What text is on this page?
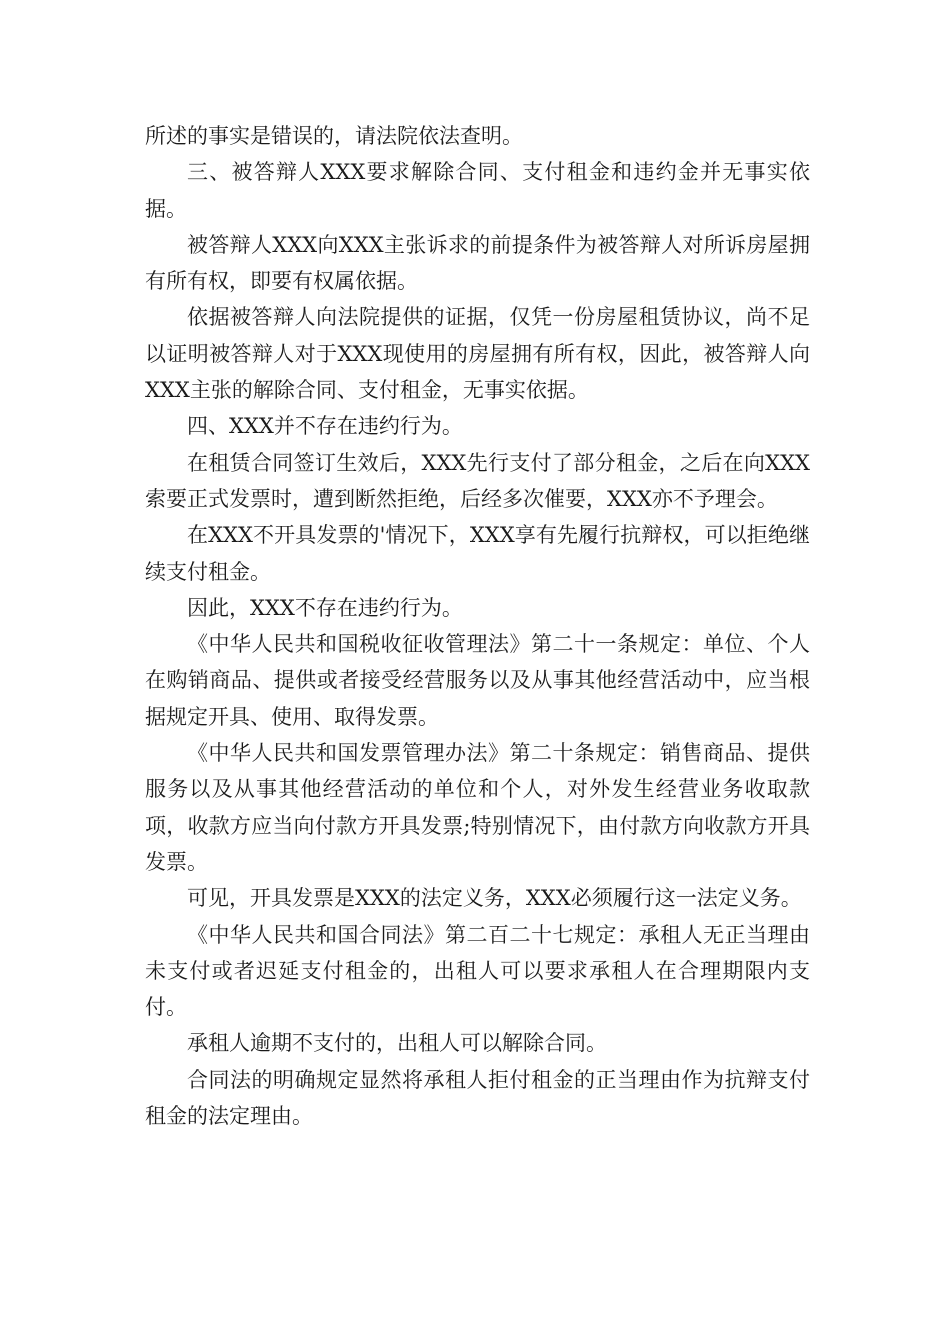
所述的事实是错误的，请法院依法查明。

三、被答辩人XXX要求解除合同、支付租金和违约金并无事实依据。

被答辩人XXX向XXX主张诉求的前提条件为被答辩人对所诉房屋拥有所有权，即要有权属依据。

依据被答辩人向法院提供的证据，仅凭一份房屋租赁协议，尚不足以证明被答辩人对于XXX现使用的房屋拥有所有权，因此，被答辩人向XXX主张的解除合同、支付租金，无事实依据。

四、XXX并不存在违约行为。

在租赁合同签订生效后，XXX先行支付了部分租金，之后在向XXX索要正式发票时，遭到断然拒绝，后经多次催要，XXX亦不予理会。

在XXX不开具发票的'情况下，XXX享有先履行抗辩权，可以拒绝继续支付租金。

因此，XXX不存在违约行为。

《中华人民共和国税收征收管理法》第二十一条规定：单位、个人在购销商品、提供或者接受经营服务以及从事其他经营活动中，应当根据规定开具、使用、取得发票。

《中华人民共和国发票管理办法》第二十条规定：销售商品、提供服务以及从事其他经营活动的单位和个人，对外发生经营业务收取款项，收款方应当向付款方开具发票;特别情况下，由付款方向收款方开具发票。

可见，开具发票是XXX的法定义务，XXX必须履行这一法定义务。

《中华人民共和国合同法》第二百二十七规定：承租人无正当理由未支付或者迟延支付租金的，出租人可以要求承租人在合理期限内支付。

承租人逾期不支付的，出租人可以解除合同。

合同法的明确规定显然将承租人拒付租金的正当理由作为抗辩支付租金的法定理由。
